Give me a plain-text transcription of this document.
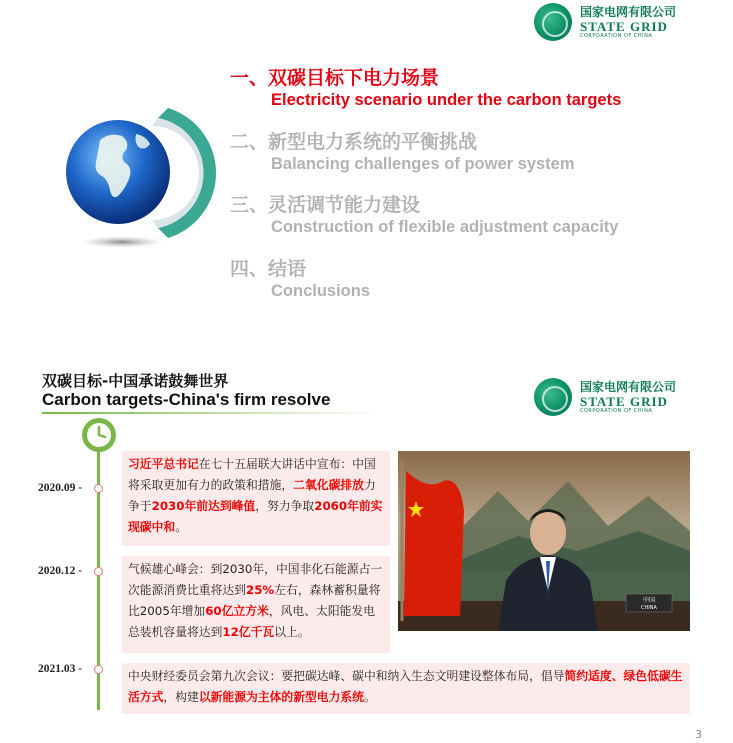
国家电网有限公司
STATE GRID
CORPORATION OF CHINA
一、双碳目标下电力场景
Electricity scenario under the carbon targets
二、新型电力系统的平衡挑战
Balancing challenges of power system
三、灵活调节能力建设
Construction of flexible adjustment capacity
四、结语
Conclusions
双碳目标-中国承诺鼓舞世界
Carbon targets-China's firm resolve
国家电网有限公司
STATE GRID
CORPORATION OF CHINA
2020.09 -
2020.12 -
2021.03 -
习近平总书记在七十五届联大讲话中宣布：中国将采取更加有力的政策和措施，二氧化碳排放力争于2030年前达到峰值，努力争取2060年前实现碳中和。
气候雄心峰会：到2030年，中国非化石能源占一次能源消费比重将达到25%左右，森林蓄积量将比2005年增加60亿立方米，风电、太阳能发电总装机容量将达到12亿千瓦以上。
中央财经委员会第九次会议：要把碳达峰、碳中和纳入生态文明建设整体布局，倡导简约适度、绿色低碳生活方式，构建以新能源为主体的新型电力系统。
中国
CHINA
3
